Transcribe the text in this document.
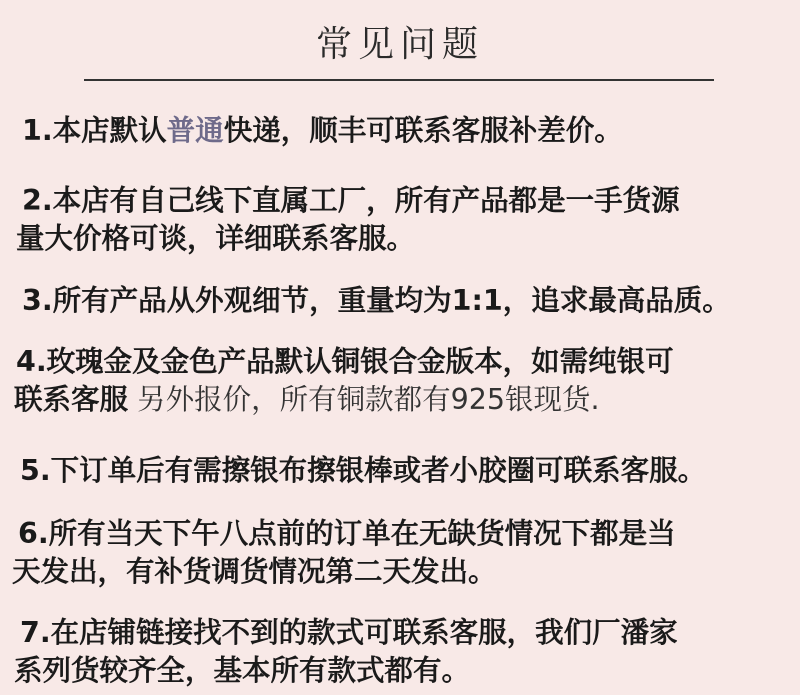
常见问题
1.本店默认普通快递，顺丰可联系客服补差价。
2.本店有自己线下直属工厂，所有产品都是一手货源
量大价格可谈，详细联系客服。
3.所有产品从外观细节，重量均为1:1，追求最高品质。
4.玫瑰金及金色产品默认铜银合金版本，如需纯银可
联系客服 另外报价，所有铜款都有925银现货.
5.下订单后有需擦银布擦银棒或者小胶圈可联系客服。
6.所有当天下午八点前的订单在无缺货情况下都是当
天发出，有补货调货情况第二天发出。
7.在店铺链接找不到的款式可联系客服，我们厂潘家
系列货较齐全，基本所有款式都有。
